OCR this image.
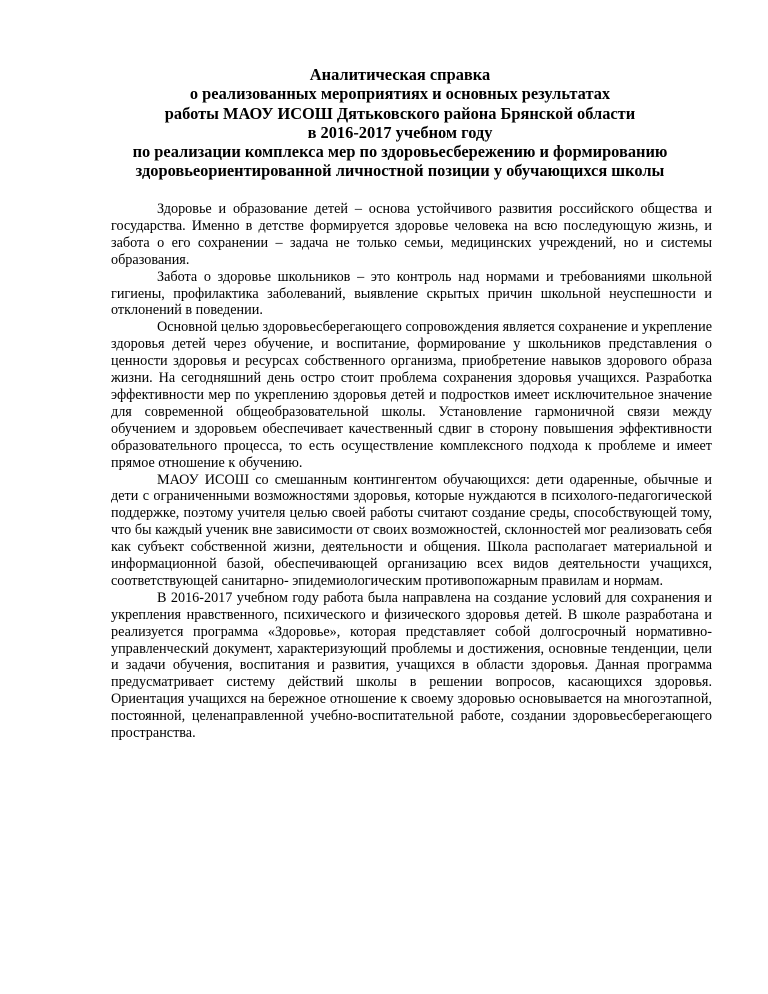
Аналитическая справка
о реализованных мероприятиях и основных результатах
работы МАОУ ИСОШ Дятьковского района Брянской области
в 2016-2017 учебном году
по реализации комплекса мер по здоровьесбережению и формированию
здоровьеориентированной личностной позиции у обучающихся школы

Здоровье и образование детей – основа устойчивого развития российского общества и государства. Именно в детстве формируется здоровье человека на всю последующую жизнь, и забота о его сохранении – задача не только семьи, медицинских учреждений, но и системы образования.

Забота о здоровье школьников – это контроль над нормами и требованиями школьной гигиены, профилактика заболеваний, выявление скрытых причин школьной неуспешности и отклонений в поведении.

Основной целью здоровьесберегающего сопровождения является сохранение и укрепление здоровья детей через обучение, и воспитание, формирование у школьников представления о ценности здоровья и ресурсах собственного организма, приобретение навыков здорового образа жизни. На сегодняшний день остро стоит проблема сохранения здоровья учащихся. Разработка эффективности мер по укреплению здоровья детей и подростков имеет исключительное значение для современной общеобразовательной школы. Установление гармоничной связи между обучением и здоровьем обеспечивает качественный сдвиг в сторону повышения эффективности образовательного процесса, то есть осуществление комплексного подхода к проблеме и имеет прямое отношение к обучению.

МАОУ ИСОШ со смешанным контингентом обучающихся: дети одаренные, обычные и дети с ограниченными возможностями здоровья, которые нуждаются в психолого-педагогической поддержке, поэтому учителя целью своей работы считают создание среды, способствующей тому, что бы каждый ученик вне зависимости от своих возможностей, склонностей мог реализовать себя как субъект собственной жизни, деятельности и общения. Школа располагает материальной и информационной базой, обеспечивающей организацию всех видов деятельности учащихся, соответствующей санитарно- эпидемиологическим противопожарным правилам и нормам.

В 2016-2017 учебном году работа была направлена на создание условий для сохранения и укрепления нравственного, психического и физического здоровья детей. В школе разработана и реализуется программа «Здоровье», которая представляет собой долгосрочный нормативно-управленческий документ, характеризующий проблемы и достижения, основные тенденции, цели и задачи обучения, воспитания и развития, учащихся в области здоровья. Данная программа предусматривает систему действий школы в решении вопросов, касающихся здоровья. Ориентация учащихся на бережное отношение к своему здоровью основывается на многоэтапной, постоянной, целенаправленной учебно-воспитательной работе, создании здоровьесберегающего пространства.
